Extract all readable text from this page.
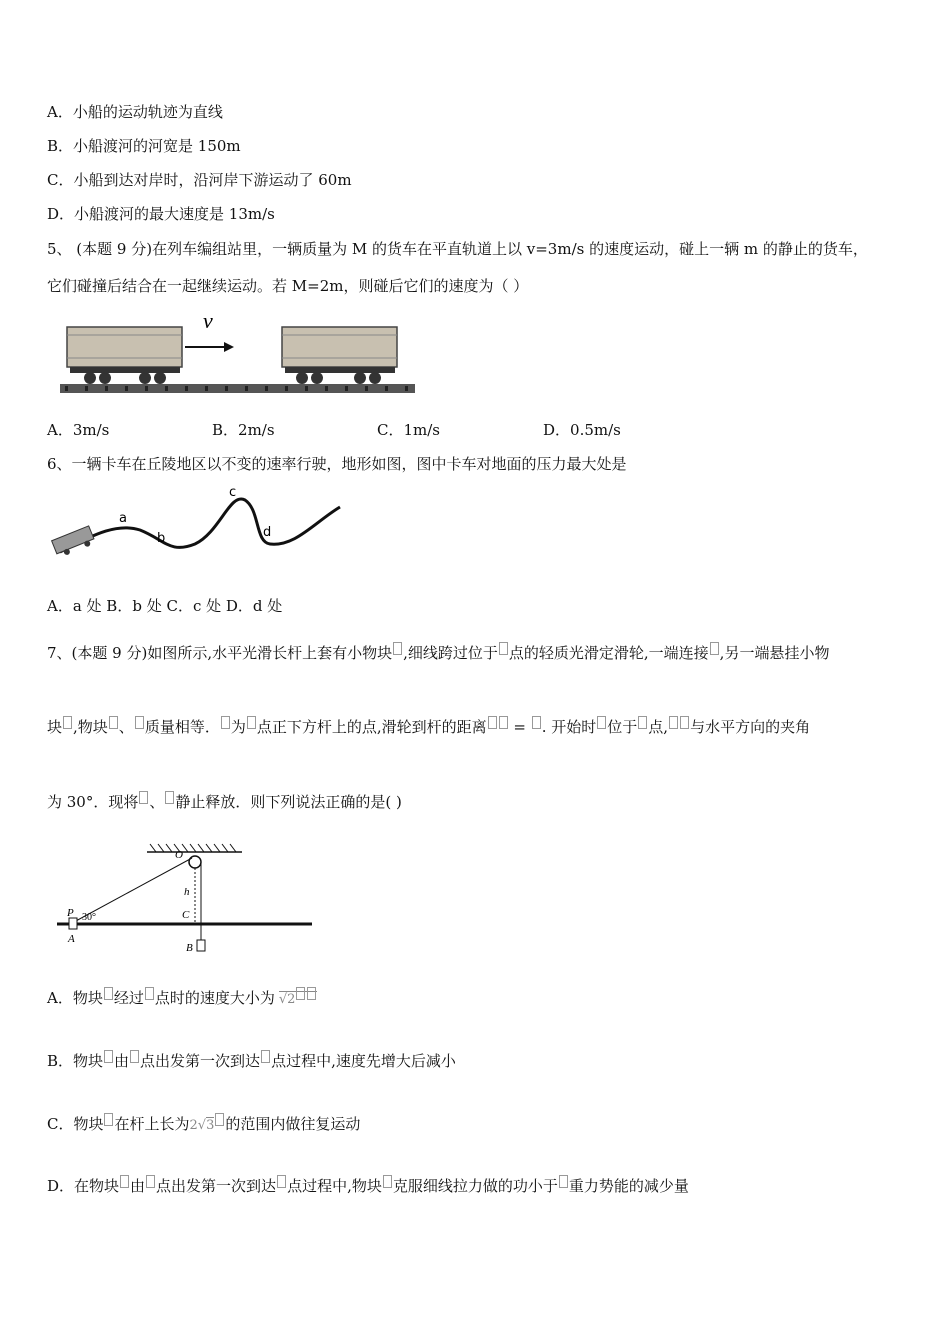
A．小船的运动轨迹为直线
B．小船渡河的河宽是 150m
C．小船到达对岸时，沿河岸下游运动了 60m
D．小船渡河的最大速度是 13m/s
5、 (本题 9 分)在列车编组站里，一辆质量为 M 的货车在平直轨道上以 v=3m/s 的速度运动，碰上一辆 m 的静止的货车，
它们碰撞后结合在一起继续运动。若 M=2m，则碰后它们的速度为（ ）
v
A．3m/s	B．2m/s	C．1m/s	D．0.5m/s
6、一辆卡车在丘陵地区以不变的速率行驶，地形如图，图中卡车对地面的压力最大处是
a
b
c
d
A．a 处 B．b 处 C．c 处 D．d 处
7、(本题 9 分)如图所示,水平光滑长杆上套有小物块 ,细线跨过位于 点的轻质光滑定滑轮,一端连接 ,另一端悬挂小物
块 ,物块 、 质量相等． 为 点正下方杆上的点,滑轮到杆的距离 = . 开始时 位于 点, 与水平方向的夹角
为 30°．现将 、 静止释放．则下列说法正确的是( )
O
P 30°
h
C
A
B
A．物块 经过 点时的速度大小为 √2
B．物块 由 点出发第一次到达 点过程中,速度先增大后减小
C．物块 在杆上长为2√3 的范围内做往复运动
D．在物块 由 点出发第一次到达 点过程中,物块 克服细线拉力做的功小于 重力势能的减少量
